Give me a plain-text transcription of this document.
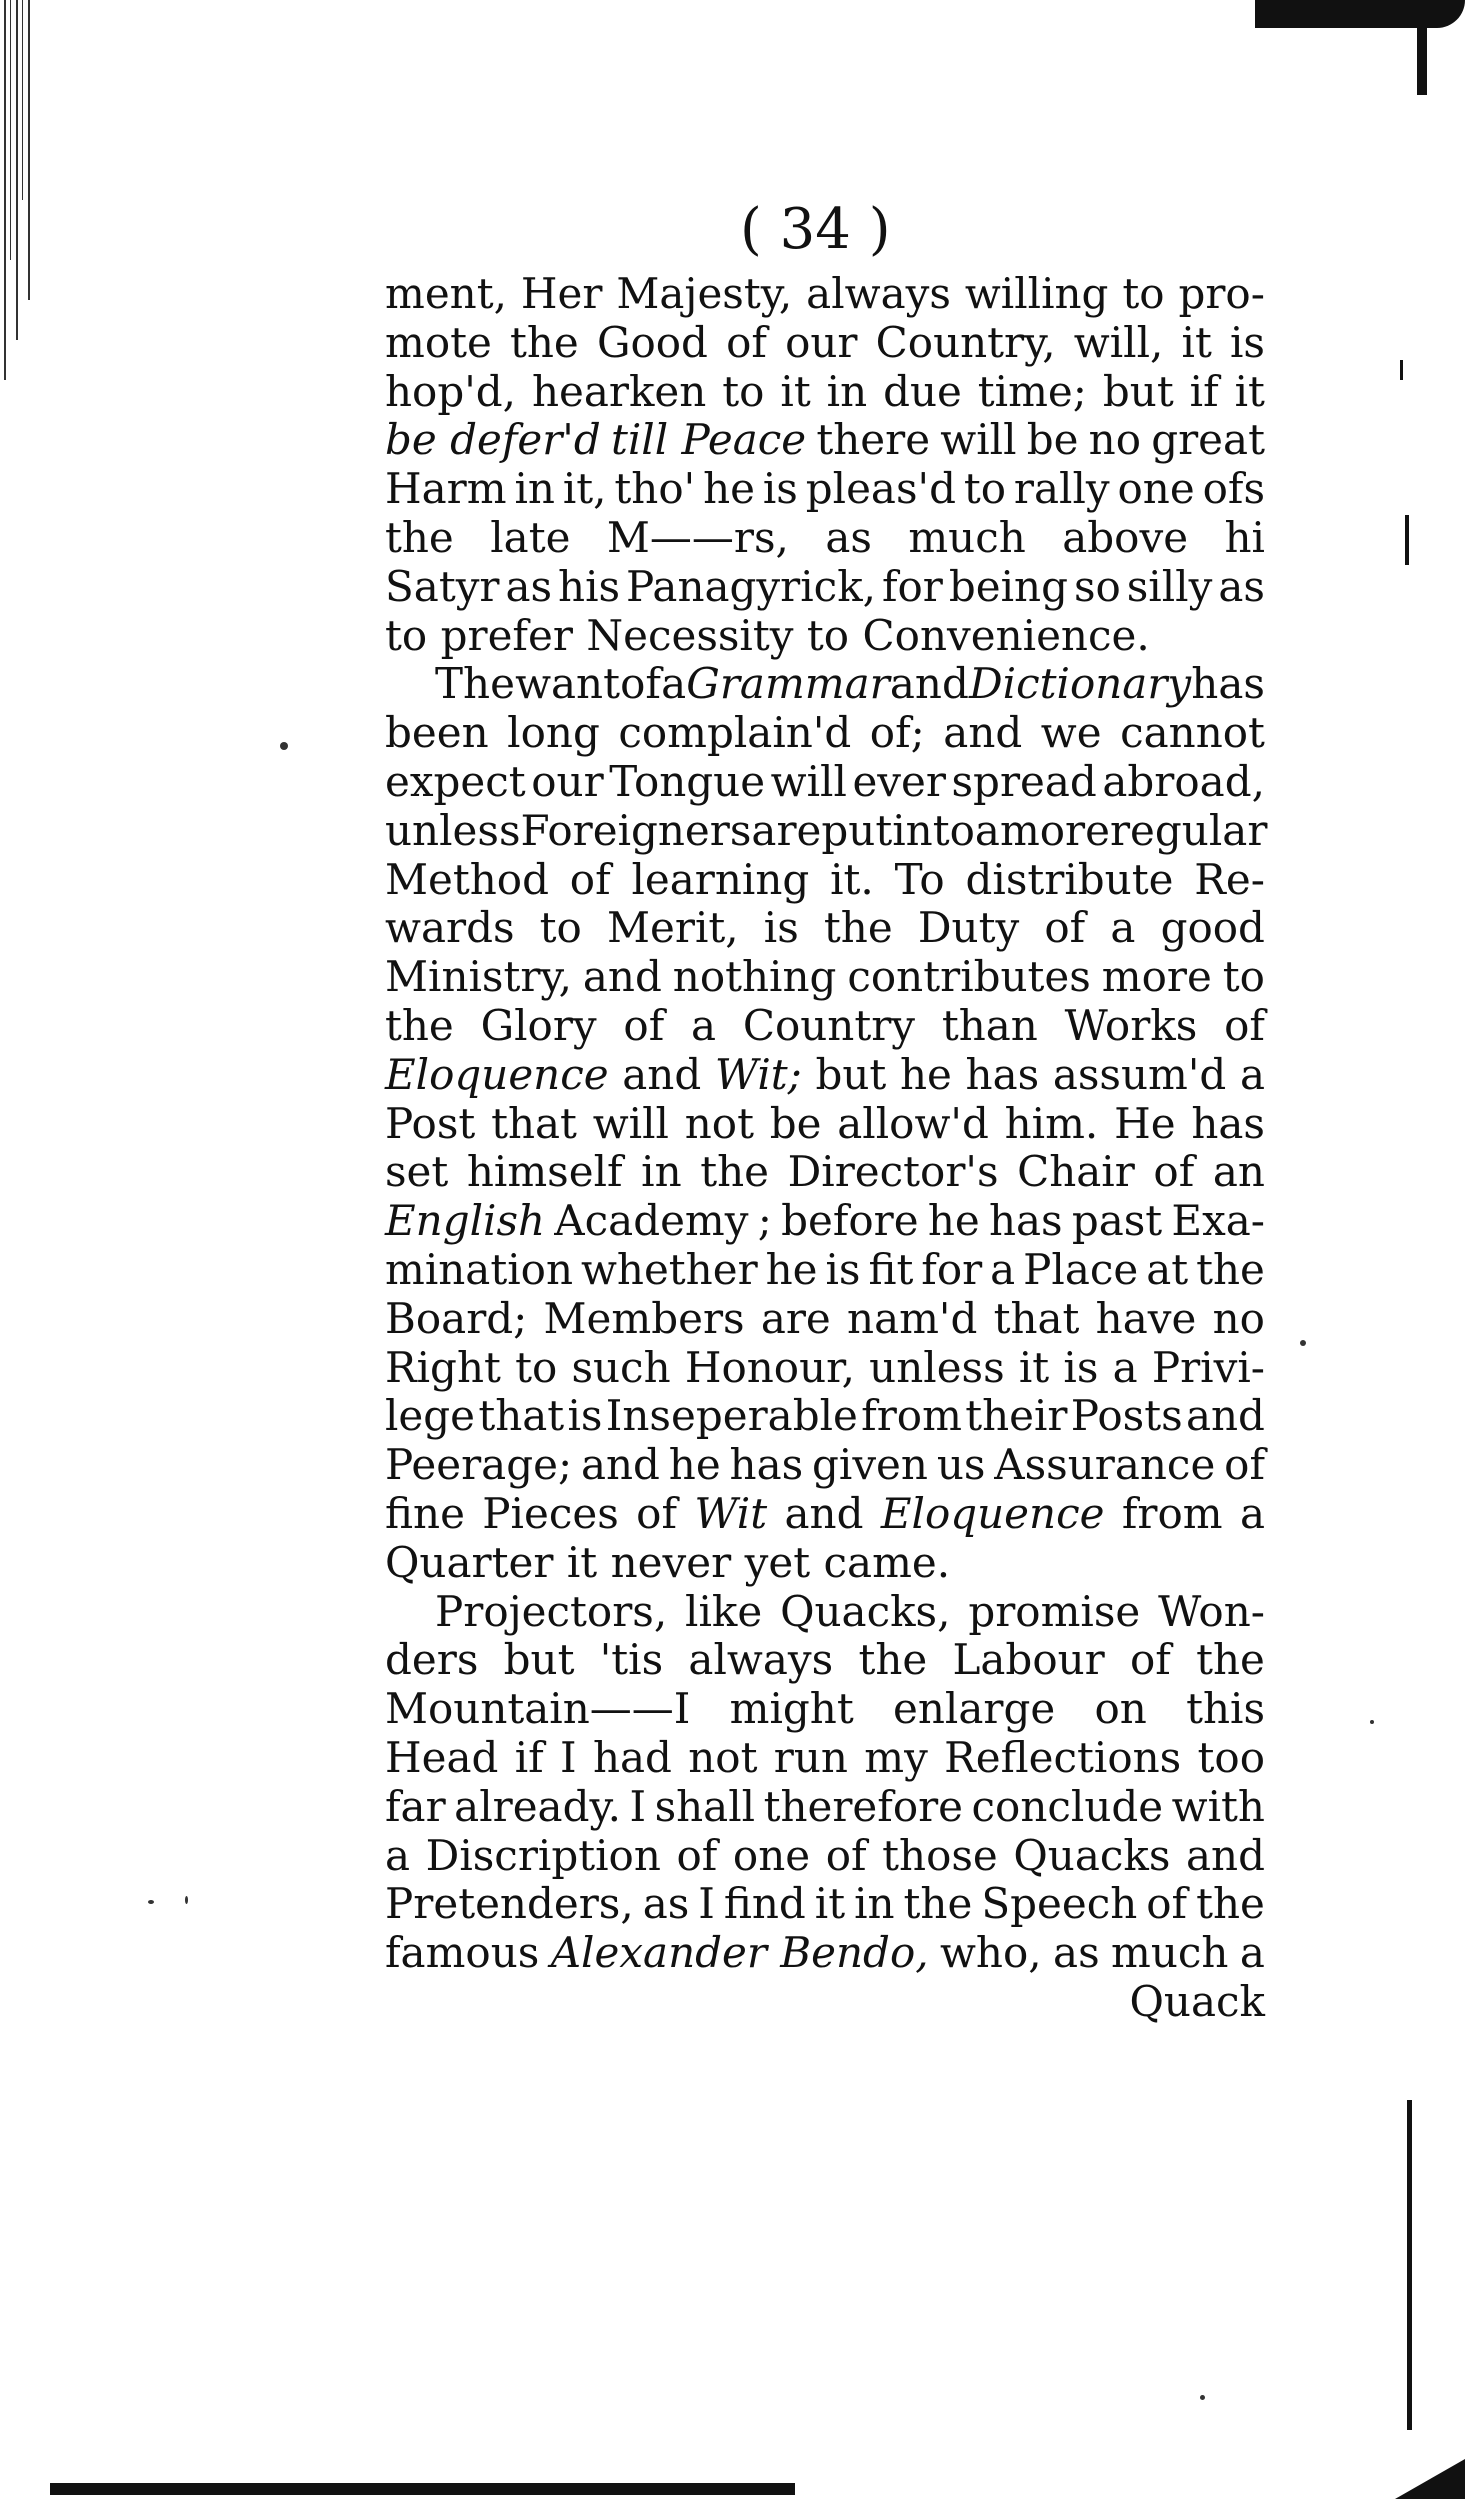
( 34 )
ment, Her Majesty, always willing to pro-
mote the Good of our Country, will, it is
hop'd, hearken to it in due time; but if it
be defer'd till Peace there will be no great
Harm in it, tho' he is pleas'd to rally one ofs
the late M——rs, as much above hi
Satyr as his Panagyrick, for being so silly as
to prefer Necessity to Convenience.
The want of a Grammar and Dictionary has
been long complain'd of; and we cannot
expect our Tongue will ever spread abroad,
unless Foreigners are put into a more regular
Method of learning it. To distribute Re-
wards to Merit, is the Duty of a good
Ministry, and nothing contributes more to
the Glory of a Country than Works of
Eloquence and Wit; but he has assum'd a
Post that will not be allow'd him. He has
set himself in the Director's Chair of an
English Academy ; before he has past Exa-
mination whether he is fit for a Place at the
Board; Members are nam'd that have no
Right to such Honour, unless it is a Privi-
lege that is Inseperable from their Posts and
Peerage; and he has given us Assurance of
fine Pieces of Wit and Eloquence from a
Quarter it never yet came.
Projectors, like Quacks, promise Won-
ders but 'tis always the Labour of the
Mountain——I might enlarge on this
Head if I had not run my Reflections too
far already. I shall therefore conclude with
a Discription of one of those Quacks and
Pretenders, as I find it in the Speech of the
famous Alexander Bendo, who, as much a
Quack
